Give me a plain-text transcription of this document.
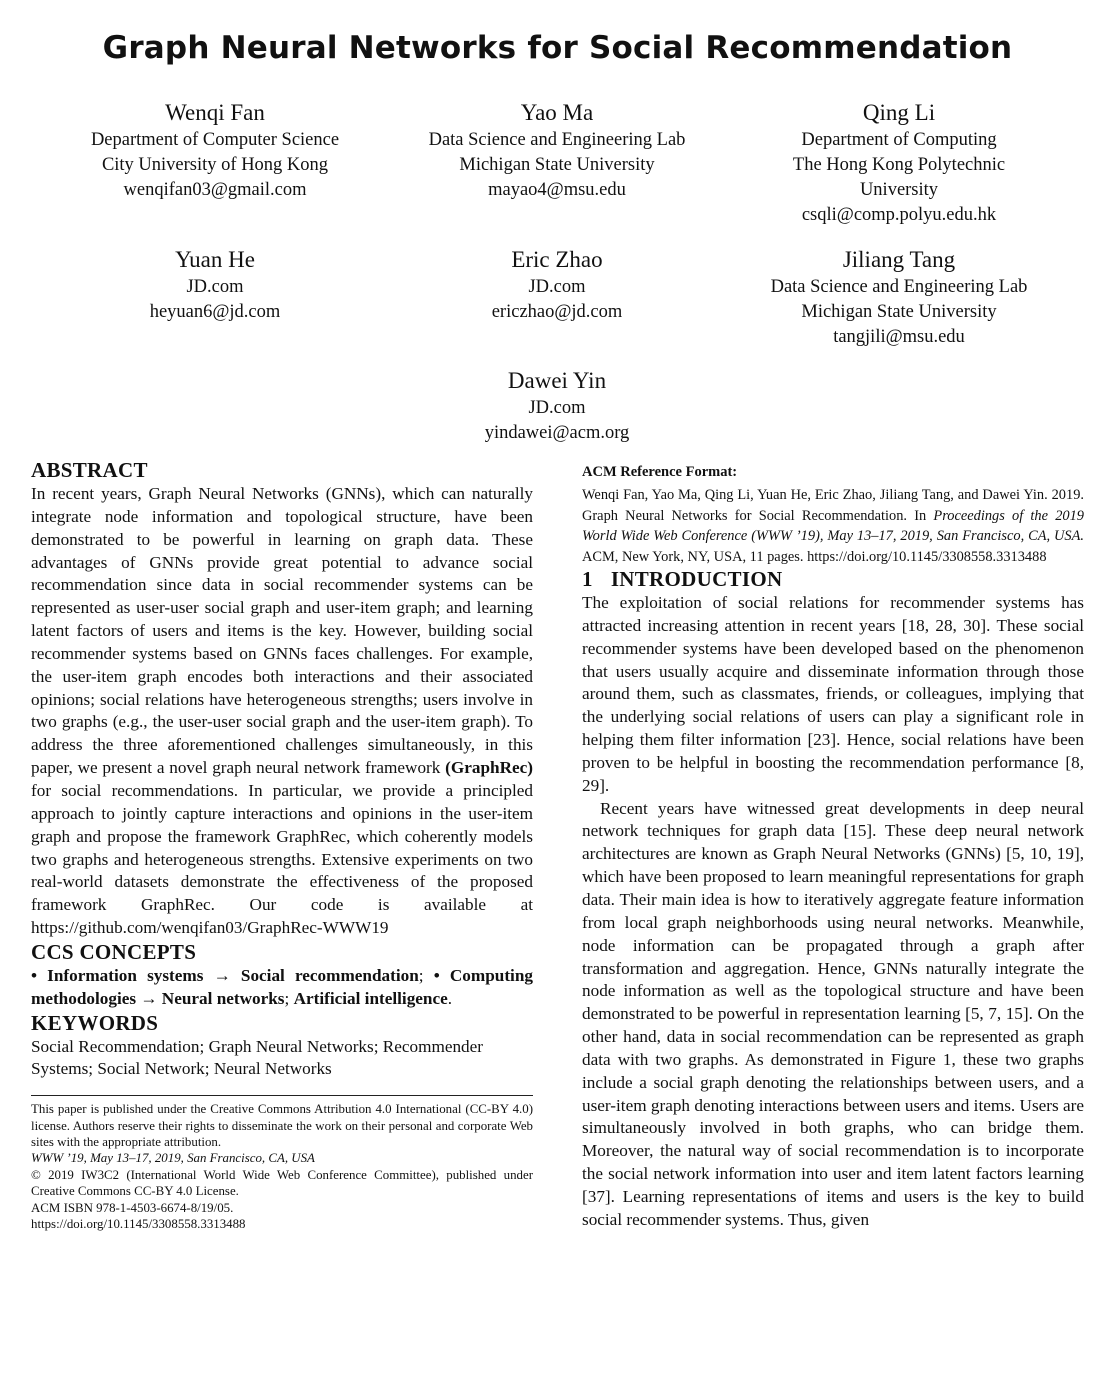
Graph Neural Networks for Social Recommendation
Wenqi Fan
Department of Computer Science
City University of Hong Kong
wenqifan03@gmail.com
Yao Ma
Data Science and Engineering Lab
Michigan State University
mayao4@msu.edu
Qing Li
Department of Computing
The Hong Kong Polytechnic
University
csqli@comp.polyu.edu.hk
Yuan He
JD.com
heyuan6@jd.com
Eric Zhao
JD.com
ericzhao@jd.com
Jiliang Tang
Data Science and Engineering Lab
Michigan State University
tangjili@msu.edu
Dawei Yin
JD.com
yindawei@acm.org
ABSTRACT

In recent years, Graph Neural Networks (GNNs), which can naturally integrate node information and topological structure, have been demonstrated to be powerful in learning on graph data. These advantages of GNNs provide great potential to advance social recommendation since data in social recommender systems can be represented as user-user social graph and user-item graph; and learning latent factors of users and items is the key. However, building social recommender systems based on GNNs faces challenges. For example, the user-item graph encodes both interactions and their associated opinions; social relations have heterogeneous strengths; users involve in two graphs (e.g., the user-user social graph and the user-item graph). To address the three aforementioned challenges simultaneously, in this paper, we present a novel graph neural network framework (GraphRec) for social recommendations. In particular, we provide a principled approach to jointly capture interactions and opinions in the user-item graph and propose the framework GraphRec, which coherently models two graphs and heterogeneous strengths. Extensive experiments on two real-world datasets demonstrate the effectiveness of the proposed framework GraphRec. Our code is available at https://github.com/wenqifan03/GraphRec-WWW19

CCS CONCEPTS

• Information systems → Social recommendation; • Computing methodologies → Neural networks; Artificial intelligence.

KEYWORDS

Social Recommendation; Graph Neural Networks; Recommender Systems; Social Network; Neural Networks

This paper is published under the Creative Commons Attribution 4.0 International (CC-BY 4.0) license. Authors reserve their rights to disseminate the work on their personal and corporate Web sites with the appropriate attribution.

WWW ’19, May 13–17, 2019, San Francisco, CA, USA

© 2019 IW3C2 (International World Wide Web Conference Committee), published under Creative Commons CC-BY 4.0 License.

ACM ISBN 978-1-4503-6674-8/19/05.

https://doi.org/10.1145/3308558.3313488

ACM Reference Format:

Wenqi Fan, Yao Ma, Qing Li, Yuan He, Eric Zhao, Jiliang Tang, and Dawei Yin. 2019. Graph Neural Networks for Social Recommendation. In Proceedings of the 2019 World Wide Web Conference (WWW ’19), May 13–17, 2019, San Francisco, CA, USA. ACM, New York, NY, USA, 11 pages. https://doi.org/10.1145/3308558.3313488

1 INTRODUCTION

The exploitation of social relations for recommender systems has attracted increasing attention in recent years [18, 28, 30]. These social recommender systems have been developed based on the phenomenon that users usually acquire and disseminate information through those around them, such as classmates, friends, or colleagues, implying that the underlying social relations of users can play a significant role in helping them filter information [23]. Hence, social relations have been proven to be helpful in boosting the recommendation performance [8, 29].

Recent years have witnessed great developments in deep neural network techniques for graph data [15]. These deep neural network architectures are known as Graph Neural Networks (GNNs) [5, 10, 19], which have been proposed to learn meaningful representations for graph data. Their main idea is how to iteratively aggregate feature information from local graph neighborhoods using neural networks. Meanwhile, node information can be propagated through a graph after transformation and aggregation. Hence, GNNs naturally integrate the node information as well as the topological structure and have been demonstrated to be powerful in representation learning [5, 7, 15]. On the other hand, data in social recommendation can be represented as graph data with two graphs. As demonstrated in Figure 1, these two graphs include a social graph denoting the relationships between users, and a user-item graph denoting interactions between users and items. Users are simultaneously involved in both graphs, who can bridge them. Moreover, the natural way of social recommendation is to incorporate the social network information into user and item latent factors learning [37]. Learning representations of items and users is the key to build social recommender systems. Thus, given
